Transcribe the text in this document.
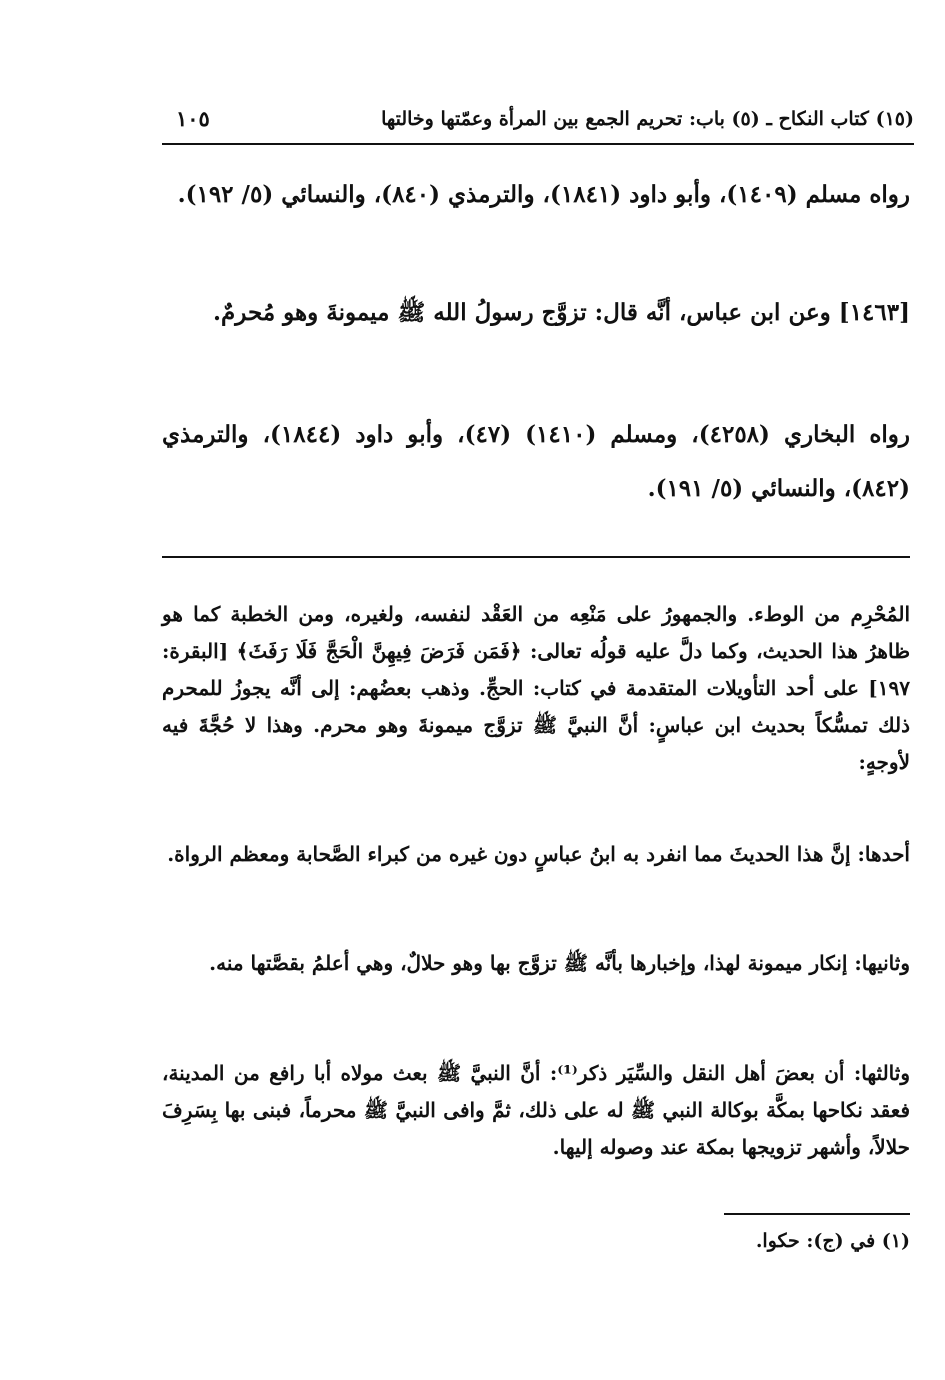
(١٥) كتاب النكاح ـ (٥) باب: تحريم الجمع بين المرأة وعمّتها وخالتها
١٠٥
رواه مسلم (١٤٠٩)، وأبو داود (١٨٤١)، والترمذي (٨٤٠)، والنسائي (٥/ ١٩٢).
[١٤٦٣] وعن ابن عباس، أنَّه قال: تزوَّج رسولُ الله ﷺ ميمونةَ وهو مُحرمٌ.
رواه البخاري (٤٢٥٨)، ومسلم (١٤١٠) (٤٧)، وأبو داود (١٨٤٤)، والترمذي (٨٤٢)، والنسائي (٥/ ١٩١).
المُحْرِم من الوطء. والجمهورُ على مَنْعِه من العَقْد لنفسه، ولغيره، ومن الخطبة كما هو ظاهرُ هذا الحديث، وكما دلَّ عليه قولُه تعالى: ﴿فَمَن فَرَضَ فِيهِنَّ الْحَجَّ فَلَا رَفَثَ﴾ [البقرة: ١٩٧] على أحد التأويلات المتقدمة في كتاب: الحجِّ. وذهب بعضُهم: إلى أنَّه يجوزُ للمحرم ذلك تمسُّكاً بحديث ابن عباسٍ: أنَّ النبيَّ ﷺ تزوَّج ميمونةَ وهو محرم. وهذا لا حُجَّةَ فيه لأوجهٍ:
أحدها: إنَّ هذا الحديثَ مما انفرد به ابنُ عباسٍ دون غيره من كبراء الصَّحابة ومعظم الرواة.
وثانيها: إنكار ميمونة لهذا، وإخبارها بأنَّه ﷺ تزوَّج بها وهو حلالٌ، وهي أعلمُ بقصَّتها منه.
وثالثها: أن بعضَ أهل النقل والسِّيَر ذكر⁽¹⁾: أنَّ النبيَّ ﷺ بعث مولاه أبا رافع من المدينة، فعقد نكاحها بمكَّة بوكالة النبي ﷺ له على ذلك، ثمَّ وافى النبيَّ ﷺ محرماً، فبنى بها بِسَرِفَ حلالاً، وأشهر تزويجها بمكة عند وصوله إليها.
(١) في (ج): حكوا.
